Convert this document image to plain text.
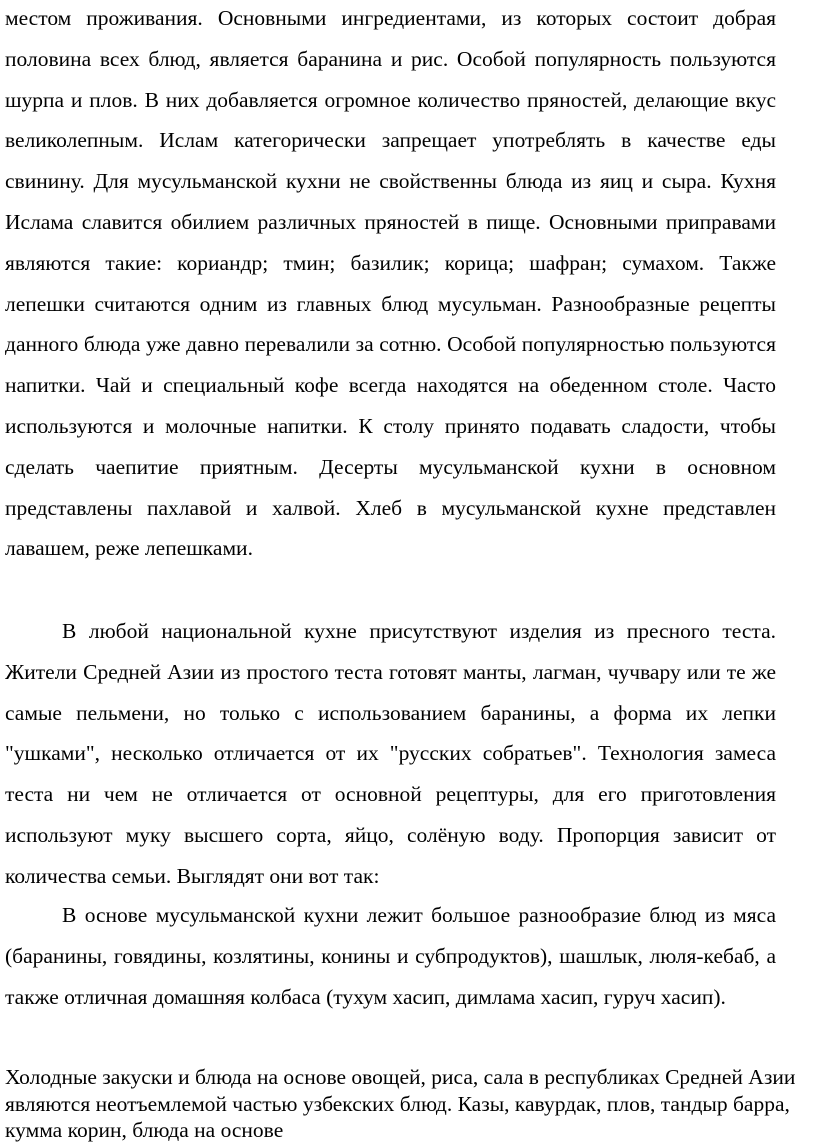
местом проживания. Основными ингредиентами, из которых состоит добрая половина всех блюд, является баранина и рис. Особой популярность пользуются шурпа и плов. В них добавляется огромное количество пряностей, делающие вкус великолепным. Ислам категорически запрещает употреблять в качестве еды свинину. Для мусульманской кухни не свойственны блюда из яиц и сыра. Кухня Ислама славится обилием различных пряностей в пище. Основными приправами являются такие: кориандр; тмин; базилик; корица; шафран; сумахом. Также лепешки считаются одним из главных блюд мусульман. Разнообразные рецепты данного блюда уже давно перевалили за сотню. Особой популярностью пользуются напитки. Чай и специальный кофе всегда находятся на обеденном столе. Часто используются и молочные напитки. К столу принято подавать сладости, чтобы сделать чаепитие приятным. Десерты мусульманской кухни в основном представлены пахлавой и халвой. Хлеб в мусульманской кухне представлен лавашем, реже лепешками.

В любой национальной кухне присутствуют изделия из пресного теста. Жители Средней Азии из простого теста готовят манты, лагман, чучвару или те же самые пельмени, но только с использованием баранины, а форма их лепки "ушками", несколько отличается от их "русских собратьев". Технология замеса теста ни чем не отличается от основной рецептуры, для его приготовления используют муку высшего сорта, яйцо, солёную воду. Пропорция зависит от количества семьи. Выглядят они вот так:

В основе мусульманской кухни лежит большое разнообразие блюд из мяса (баранины, говядины, козлятины, конины и субпродуктов), шашлык, люля-кебаб, а также отличная домашняя колбаса (тухум хасип, димлама хасип, гуруч хасип).

Холодные закуски и блюда на основе овощей, риса, сала в республиках Средней Азии являются неотъемлемой частью узбекских блюд. Казы, кавурдак, плов, тандыр барра, кумма корин, блюда на основе
